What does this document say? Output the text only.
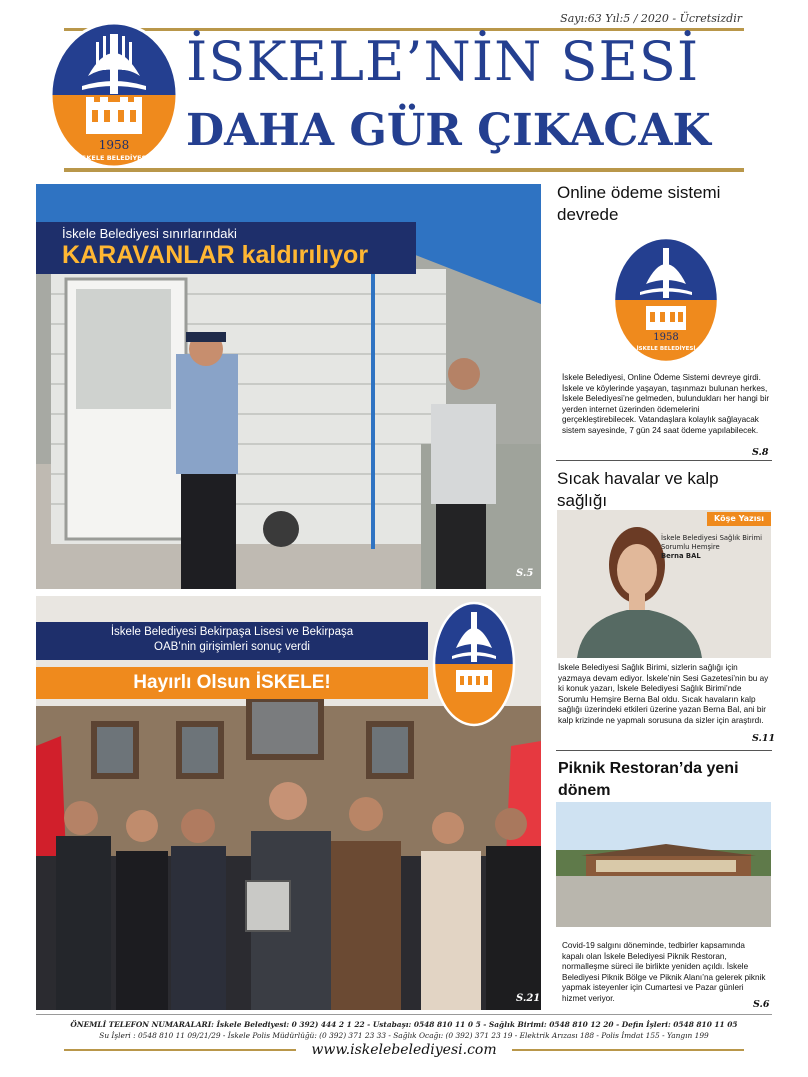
Sayı:63 Yıl:5 / 2020 - Ücretsizdir
1958
İSKELE BELEDİYESİ
İSKELE’NİN SESİ
DAHA GÜR ÇIKACAK
İskele Belediyesi sınırlarındaki
KARAVANLAR kaldırılıyor
S.5
İskele Belediyesi Bekirpaşa Lisesi ve Bekirpaşa
OAB’nin girişimleri sonuç verdi
Hayırlı Olsun İSKELE!
S.21
Online ödeme sistemi devrede
1958
İSKELE BELEDİYESİ
İskele Belediyesi, Online Ödeme Sistemi devreye girdi. İskele ve köylerinde yaşayan, taşınmazı bulunan herkes, İskele Belediyesi’ne gelmeden, bulundukları her hangi bir yerden internet üzerinden ödemelerini gerçekleştirebilecek. Vatandaşlara kolaylık sağlayacak sistem sayesinde, 7 gün 24 saat ödeme yapılabilecek.
S.8
Sıcak havalar ve kalp sağlığı
Köşe Yazısı
İskele Belediyesi Sağlık Birimi
Sorumlu Hemşire
Berna BAL
İskele Belediyesi Sağlık Birimi, sizlerin sağlığı için yazmaya devam ediyor. İskele’nin Sesi Gazetesi’nin bu ay ki konuk yazarı, İskele Belediyesi Sağlık Birimi’nde Sorumlu Hemşire Berna Bal oldu. Sıcak havaların kalp sağlığı üzerindeki etkileri üzerine yazan Berna Bal, ani bir kalp krizinde ne yapmalı sorusuna da sizler için araştırdı.
S.11
Piknik Restoran’da yeni dönem
Covid-19 salgını döneminde, tedbirler kapsamında kapalı olan İskele Belediyesi Piknik Restoran, normalleşme süreci ile birlikte yeniden açıldı. İskele Belediyesi Piknik Bölge ve Piknik Alanı’na gelerek piknik yapmak isteyenler için Cumartesi ve Pazar günleri hizmet veriyor.
S.6
ÖNEMLİ TELEFON NUMARALARI: İskele Belediyesi: 0 392) 444 2 1 22 - Ustabaşı: 0548 810 11 0 5 - Sağlık Birimi: 0548 810 12 20 - Defin İşleri: 0548 810 11 05
Su İşleri : 0548 810 11 09/21/29 - İskele Polis Müdürlüğü: (0 392) 371 23 33 - Sağlık Ocağı: (0 392) 371 23 19 - Elektrik Arızası 188 - Polis İmdat 155 - Yangın 199
www.iskelebelediyesi.com
